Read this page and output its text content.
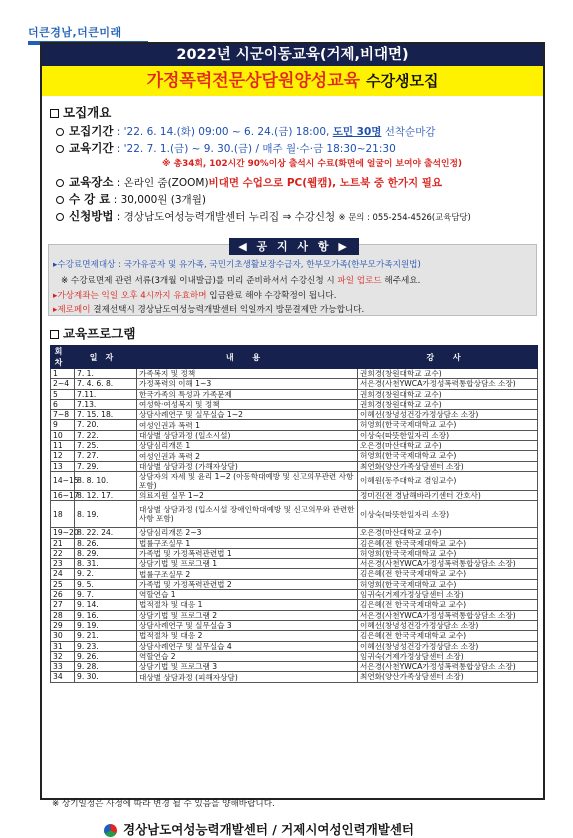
더큰경남,더큰미래
2022년 시군이동교육(거제,비대면)
가정폭력전문상담원양성교육 수강생모집
모집개요
모집기간 : '22. 6. 14.(화) 09:00 ~ 6. 24.(금) 18:00, 도민 30명 선착순마감
교육기간 : '22. 7. 1.(금) ~ 9. 30.(금) / 매주 월·수·금 18:30~21:30
※ 총34회, 102시간 90%이상 출석시 수료(화면에 얼굴이 보여야 출석인정)
교육장소 : 온라인 줌(ZOOM)비대면 수업으로 PC(웹캠), 노트북 중 한가지 필요
수 강 료 : 30,000원 (3개월)
신청방법 : 경상남도여성능력개발센터 누리집 ⇒ 수강신청 ※ 문의 : 055-254-4526(교육담당)
◀ 공 지 사 항 ▶
▸수강료면제대상 : 국가유공자 및 유가족, 국민기초생활보장수급자, 한부모가족(한부모가족지원법)
※ 수강료면제 관련 서류(3개월 이내발급)를 미리 준비하셔서 수강신청 시 파일 업로드 해주세요.
▸가상계좌는 익일 오후 4시까지 유효하며 입금완료 해야 수강확정이 됩니다.
▸제로페이 결제선택시 경상남도여성능력개발센터 익일까지 방문결제만 가능합니다.
교육프로그램
회차	일자	내 용	강 사
1	7. 1.	가족복지 및 정책	권희경(창원대학교 교수)
2~4	7. 4. 6. 8.	가정폭력의 이해 1~3	서은경(사천YWCA가정성폭력통합상담소 소장)
5	7.11.	한국가족의 특성과 가족문제	권희경(창원대학교 교수)
6	7.13.	여성학·여성복지 및 정책	권희경(창원대학교 교수)
7~8	7. 15. 18.	상담사례연구 및 실무실습 1~2	이혜선(창녕성건강가정상담소 소장)
9	7. 20.	여성인권과 폭력 1	허영희(한국국제대학교 교수)
10	7. 22.	대상별 상담과정 (일소시설)	이상숙(따뜻한일자리 소장)
11	7. 25.	상담심리개론 1	오은경(마산대학교 교수)
12	7. 27.	여성인권과 폭력 2	허영희(한국국제대학교 교수)
13	7. 29.	대상별 상담과정 (가해자상담)	최연화(양산가족상담센터 소장)
14~15	8. 8. 10.	상담자의 자세 및 윤리 1~2 (아동학대예방 및 신고의무관련 사항 포함)	이혜원(동주대학교 겸임교수)
16~17	8. 12. 17.	의료지원 실무 1~2	정미진(전 경남해바라기센터 간호사)
18	8. 19.	대상별 상담과정 (입소시설 장애인학대예방 및 신고의무와 관련한 사항 포함)	이상숙(따뜻한일자리 소장)
19~20	8. 22. 24.	상담심리개론 2~3	오은경(마산대학교 교수)
21	8. 26.	법률구조실무 1	김은혜(전 한국국제대학교 교수)
22	8. 29.	가족법 및 가정폭력관련법 1	허영희(한국국제대학교 교수)
23	8. 31.	상담기법 및 프로그램 1	서은경(사천YWCA가정성폭력통합상담소 소장)
24	9. 2.	법률구조실무 2	김은혜(전 한국국제대학교 교수)
25	9. 5.	가족법 및 가정폭력관련법 2	허영희(한국국제대학교 교수)
26	9. 7.	역할연습 1	임귀숙(거제가정상담센터 소장)
27	9. 14.	법적절차 및 대응 1	김은혜(전 한국국제대학교 교수)
28	9. 16.	상담기법 및 프로그램 2	서은경(사천YWCA가정성폭력통합상담소 소장)
29	9. 19.	상담사례연구 및 실무실습 3	이혜선(창녕성건강가정상담소 소장)
30	9. 21.	법적절차 및 대응 2	김은혜(전 한국국제대학교 교수)
31	9. 23.	상담사례연구 및 실무실습 4	이혜선(창녕성건강가정상담소 소장)
32	9. 26.	역할연습 2	임귀숙(거제가정상담센터 소장)
33	9. 28.	상담기법 및 프로그램 3	서은경(사천YWCA가정성폭력통합상담소 소장)
34	9. 30.	대상별 상담과정 (피해자상담)	최연화(양산가족상담센터 소장)
※ 상기일정은 사정에 따라 변경 될 수 있음을 양해바랍니다.
경상남도여성능력개발센터 / 거제시여성인력개발센터
